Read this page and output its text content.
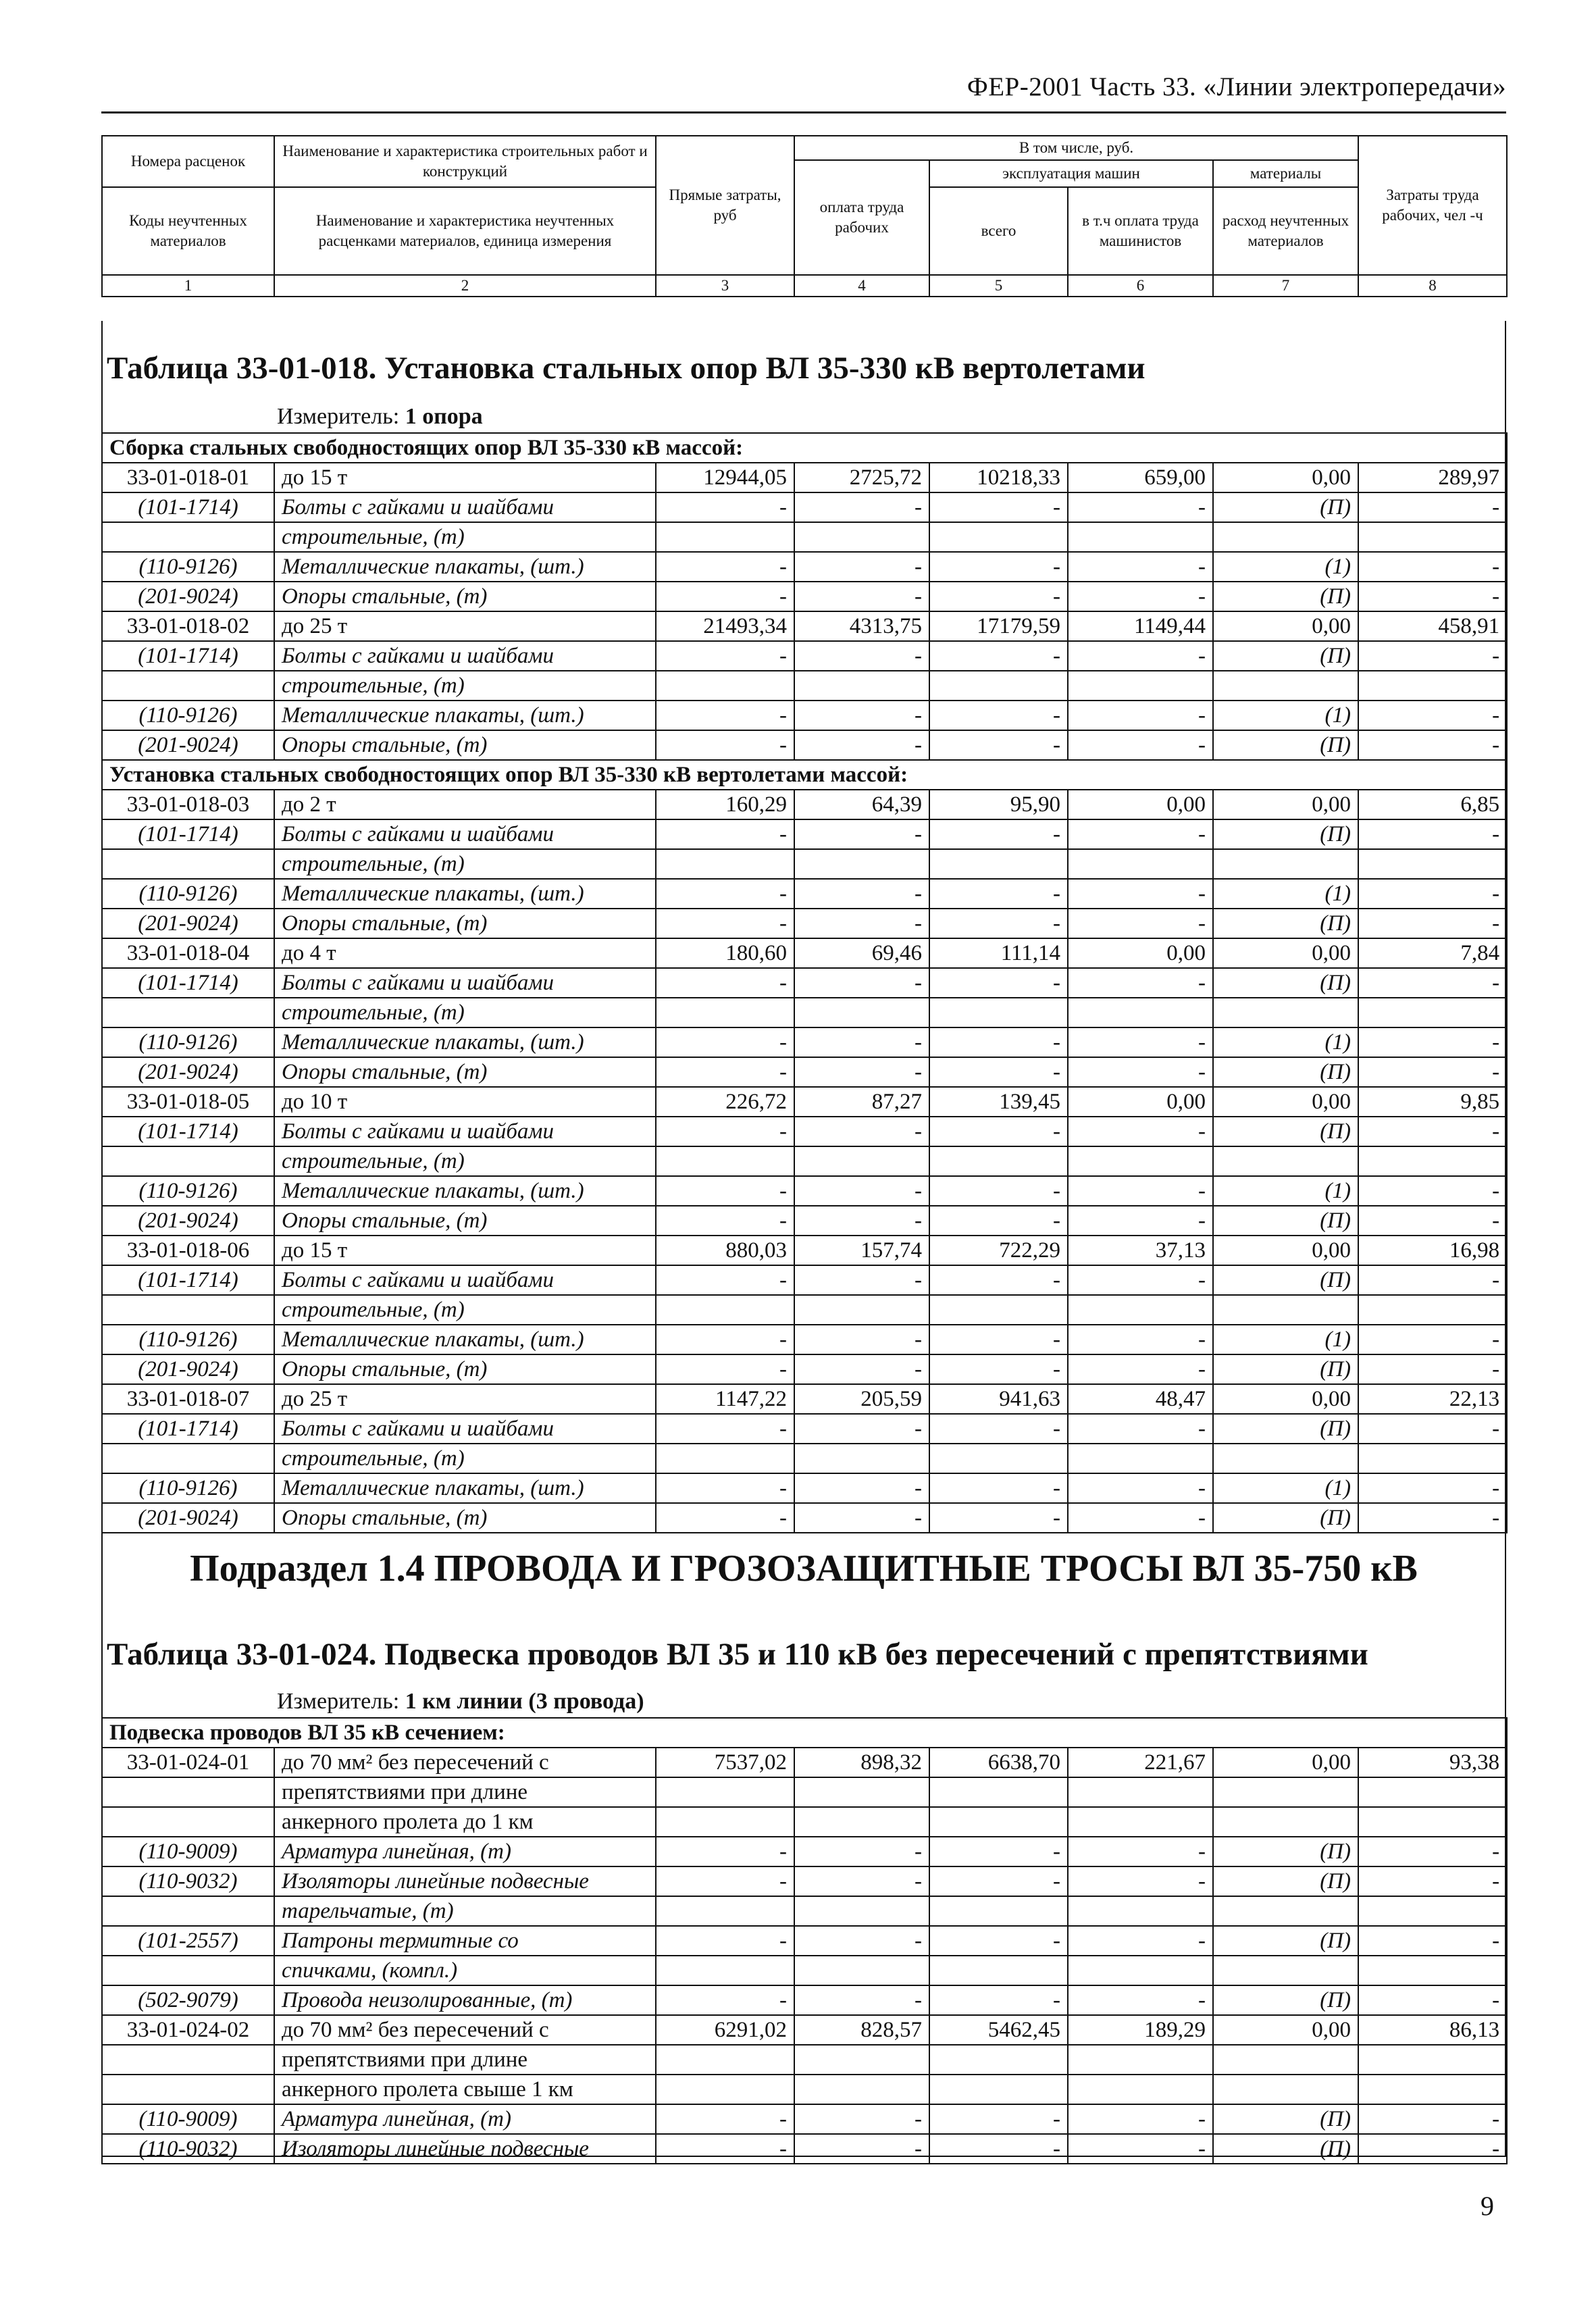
ФЕР-2001 Часть 33. «Линии электропередачи»
Номера расценок	Наименование и характеристика строительных работ и конструкций	Прямые затраты, руб	В том числе, руб.				Затраты труда рабочих, чел -ч
			оплата труда рабочих	эксплуатация машин		материалы	
Коды неучтенных материалов	Наименование и характеристика неучтенных расценками материалов, единица измерения			всего	в т.ч оплата труда машинистов	расход неучтенных материалов	

1	2	3	4	5	6	7	8
Таблица 33-01-018. Установка стальных опор ВЛ 35-330 кВ вертолетами
Измеритель: 1 опора
Сборка стальных свободностоящих опор ВЛ 35-330 кВ массой:							
33-01-018-01	до 15 т	12944,05	2725,72	10218,33	659,00	0,00	289,97
(101-1714)	Болты с гайками и шайбами	-	-	-	-	(П)	-
	строительные, (т)						
(110-9126)	Металлические плакаты, (шт.)	-	-	-	-	(1)	-
(201-9024)	Опоры стальные, (т)	-	-	-	-	(П)	-
33-01-018-02	до 25 т	21493,34	4313,75	17179,59	1149,44	0,00	458,91
(101-1714)	Болты с гайками и шайбами	-	-	-	-	(П)	-
	строительные, (т)						
(110-9126)	Металлические плакаты, (шт.)	-	-	-	-	(1)	-
(201-9024)	Опоры стальные, (т)	-	-	-	-	(П)	-
Установка стальных свободностоящих опор ВЛ 35-330 кВ вертолетами массой:							
33-01-018-03	до 2 т	160,29	64,39	95,90	0,00	0,00	6,85
(101-1714)	Болты с гайками и шайбами	-	-	-	-	(П)	-
	строительные, (т)						
(110-9126)	Металлические плакаты, (шт.)	-	-	-	-	(1)	-
(201-9024)	Опоры стальные, (т)	-	-	-	-	(П)	-
33-01-018-04	до 4 т	180,60	69,46	111,14	0,00	0,00	7,84
(101-1714)	Болты с гайками и шайбами	-	-	-	-	(П)	-
	строительные, (т)						
(110-9126)	Металлические плакаты, (шт.)	-	-	-	-	(1)	-
(201-9024)	Опоры стальные, (т)	-	-	-	-	(П)	-
33-01-018-05	до 10 т	226,72	87,27	139,45	0,00	0,00	9,85
(101-1714)	Болты с гайками и шайбами	-	-	-	-	(П)	-
	строительные, (т)						
(110-9126)	Металлические плакаты, (шт.)	-	-	-	-	(1)	-
(201-9024)	Опоры стальные, (т)	-	-	-	-	(П)	-
33-01-018-06	до 15 т	880,03	157,74	722,29	37,13	0,00	16,98
(101-1714)	Болты с гайками и шайбами	-	-	-	-	(П)	-
	строительные, (т)						
(110-9126)	Металлические плакаты, (шт.)	-	-	-	-	(1)	-
(201-9024)	Опоры стальные, (т)	-	-	-	-	(П)	-
33-01-018-07	до 25 т	1147,22	205,59	941,63	48,47	0,00	22,13
(101-1714)	Болты с гайками и шайбами	-	-	-	-	(П)	-
	строительные, (т)						
(110-9126)	Металлические плакаты, (шт.)	-	-	-	-	(1)	-
(201-9024)	Опоры стальные, (т)	-	-	-	-	(П)	-
Подраздел 1.4 ПРОВОДА И ГРОЗОЗАЩИТНЫЕ ТРОСЫ ВЛ 35-750 кВ
Таблица 33-01-024. Подвеска проводов ВЛ 35 и 110 кВ без пересечений с препятствиями
Измеритель: 1 км линии (3 провода)
Подвеска проводов ВЛ 35 кВ сечением:							
33-01-024-01	до 70 мм² без пересечений с	7537,02	898,32	6638,70	221,67	0,00	93,38
	препятствиями при длине						
	анкерного пролета до 1 км						
(110-9009)	Арматура линейная, (т)	-	-	-	-	(П)	-
(110-9032)	Изоляторы линейные подвесные	-	-	-	-	(П)	-
	тарельчатые, (т)						
(101-2557)	Патроны термитные со	-	-	-	-	(П)	-
	спичками, (компл.)						
(502-9079)	Провода неизолированные, (т)	-	-	-	-	(П)	-
33-01-024-02	до 70 мм² без пересечений с	6291,02	828,57	5462,45	189,29	0,00	86,13
	препятствиями при длине						
	анкерного пролета свыше 1 км						
(110-9009)	Арматура линейная, (т)	-	-	-	-	(П)	-
(110-9032)	Изоляторы линейные подвесные	-	-	-	-	(П)	-
9
